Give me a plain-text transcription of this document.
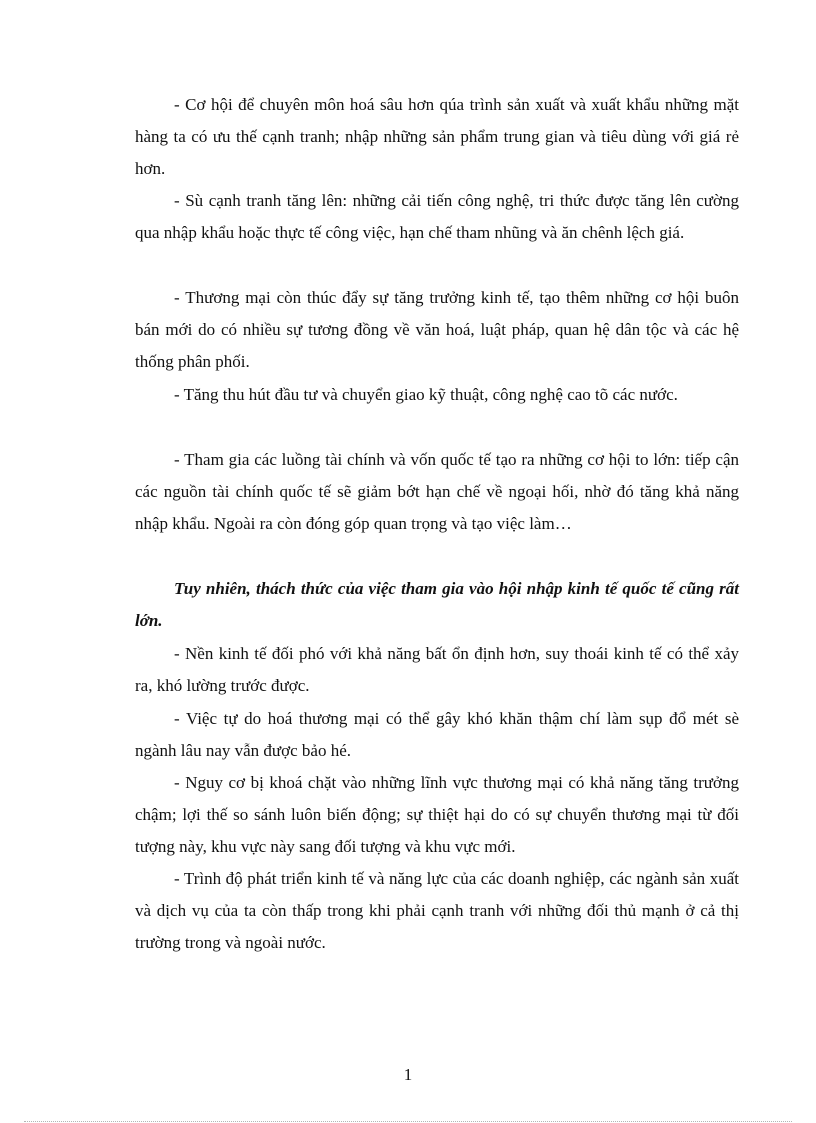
- Cơ hội để chuyên môn hoá sâu hơn qúa trình sản xuất và xuất khẩu những mặt hàng ta có ưu thế cạnh tranh; nhập những sản phẩm trung gian và tiêu dùng với giá rẻ hơn.

- Sù cạnh tranh tăng lên: những cải tiến công nghệ, tri thức được tăng lên cường qua nhập khẩu hoặc thực tế công việc, hạn chế tham nhũng và ăn chênh lệch giá.

- Thương mại còn thúc đẩy sự tăng trưởng kinh tế, tạo thêm những cơ hội buôn bán mới do có nhiều sự tương đồng về văn hoá, luật pháp, quan hệ dân tộc và các hệ thống phân phối.

- Tăng thu hút đầu tư và chuyển giao kỹ thuật, công nghệ cao tõ các nước.

- Tham gia các luồng tài chính và vốn quốc tế tạo ra những cơ hội to lớn: tiếp cận các nguồn tài chính quốc tế sẽ giảm bớt hạn chế về ngoại hối, nhờ đó tăng khả năng nhập khẩu. Ngoài ra còn đóng góp quan trọng và tạo việc làm…

Tuy nhiên, thách thức của việc tham gia vào hội nhập kinh tế quốc tế cũng rất lớn.

- Nền kinh tế đối phó với khả năng bất ổn định hơn, suy thoái kinh tế có thể xảy ra, khó lường trước được.

- Việc tự do hoá thương mại có thể gây khó khăn thậm chí làm sụp đổ mét sè ngành lâu nay vẫn được bảo hé.

- Nguy cơ bị khoá chặt vào những lĩnh vực thương mại có khả năng tăng trưởng chậm; lợi thế so sánh luôn biến động; sự thiệt hại do có sự chuyển thương mại từ đối tượng này, khu vực này sang đối tượng và khu vực mới.

- Trình độ phát triển kinh tế và năng lực của các doanh nghiệp, các ngành sản xuất và dịch vụ của ta còn thấp trong khi phải cạnh tranh với những đối thủ mạnh ở cả thị trường trong và ngoài nước.

1
